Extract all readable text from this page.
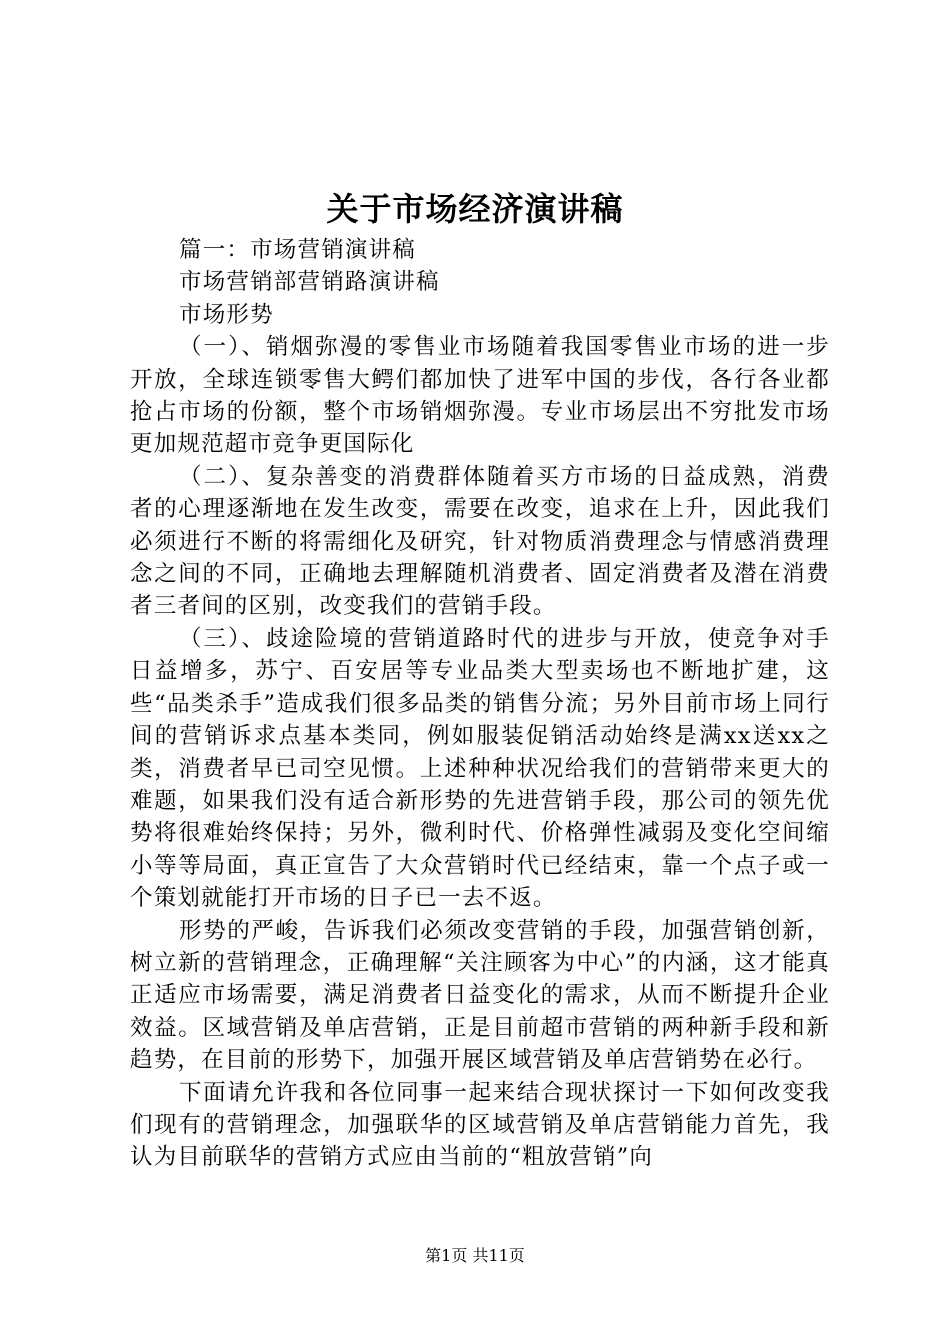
关于市场经济演讲稿

篇一：市场营销演讲稿

市场营销部营销路演讲稿

市场形势

（一）、销烟弥漫的零售业市场随着我国零售业市场的进一步开放，全球连锁零售大鳄们都加快了进军中国的步伐，各行各业都抢占市场的份额，整个市场销烟弥漫。专业市场层出不穷批发市场更加规范超市竞争更国际化

（二）、复杂善变的消费群体随着买方市场的日益成熟，消费者的心理逐渐地在发生改变，需要在改变，追求在上升，因此我们必须进行不断的将需细化及研究，针对物质消费理念与情感消费理念之间的不同，正确地去理解随机消费者、固定消费者及潜在消费者三者间的区别，改变我们的营销手段。

（三）、歧途险境的营销道路时代的进步与开放，使竞争对手日益增多，苏宁、百安居等专业品类大型卖场也不断地扩建，这些“品类杀手”造成我们很多品类的销售分流；另外目前市场上同行间的营销诉求点基本类同，例如服装促销活动始终是满xx送xx之类，消费者早已司空见惯。上述种种状况给我们的营销带来更大的难题，如果我们没有适合新形势的先进营销手段，那公司的领先优势将很难始终保持；另外，微利时代、价格弹性减弱及变化空间缩小等等局面，真正宣告了大众营销时代已经结束，靠一个点子或一个策划就能打开市场的日子已一去不返。

形势的严峻，告诉我们必须改变营销的手段，加强营销创新，树立新的营销理念，正确理解“关注顾客为中心”的内涵，这才能真正适应市场需要，满足消费者日益变化的需求，从而不断提升企业效益。区域营销及单店营销，正是目前超市营销的两种新手段和新趋势，在目前的形势下，加强开展区域营销及单店营销势在必行。

下面请允许我和各位同事一起来结合现状探讨一下如何改变我们现有的营销理念，加强联华的区域营销及单店营销能力首先，我认为目前联华的营销方式应由当前的“粗放营销”向

第1页 共11页
